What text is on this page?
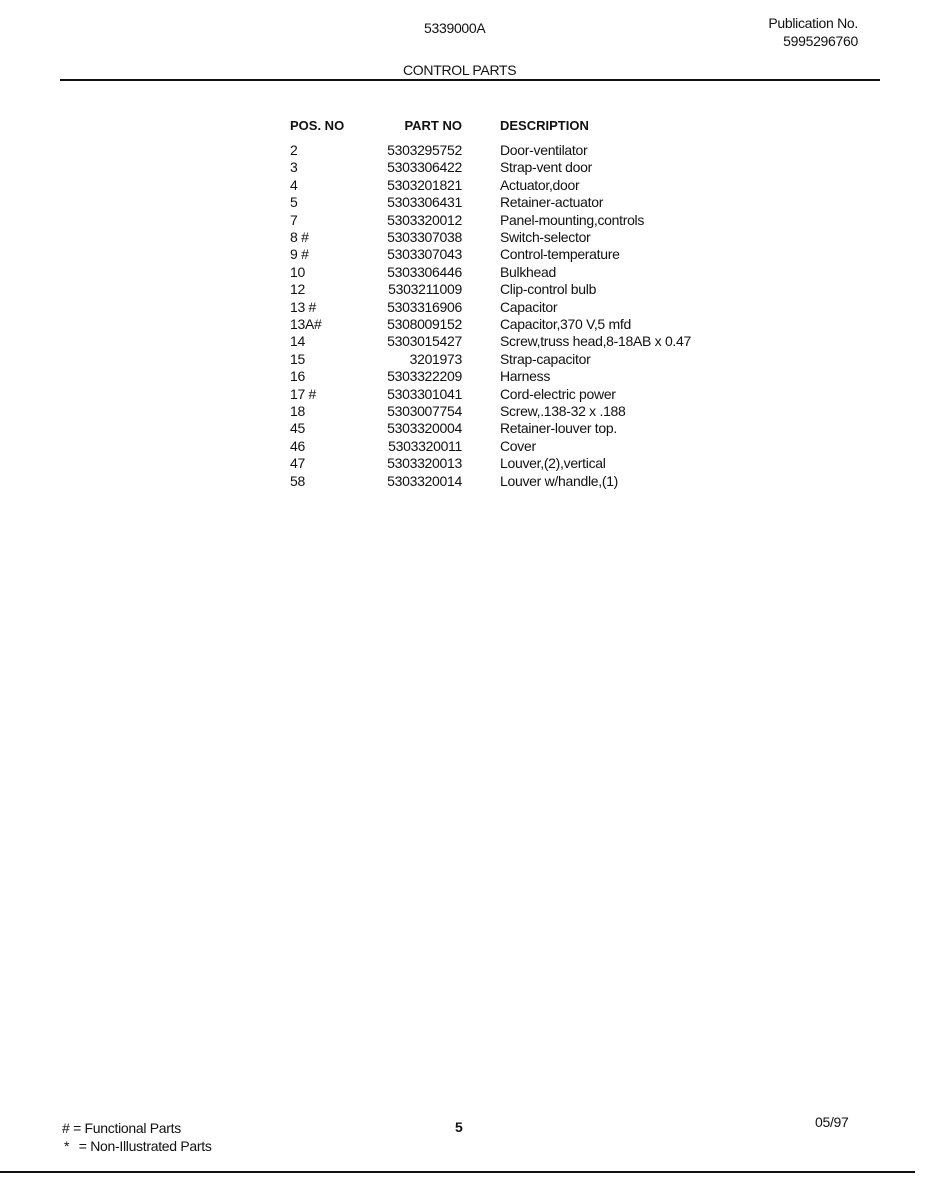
5339000A	Publication No.
5995296760
CONTROL PARTS
POS. NO	PART NO	DESCRIPTION
2	5303295752	Door-ventilator
3	5303306422	Strap-vent door
4	5303201821	Actuator,door
5	5303306431	Retainer-actuator
7	5303320012	Panel-mounting,controls
8 #	5303307038	Switch-selector
9 #	5303307043	Control-temperature
10	5303306446	Bulkhead
12	5303211009	Clip-control bulb
13 #	5303316906	Capacitor
13A#	5308009152	Capacitor,370 V,5 mfd
14	5303015427	Screw,truss head,8-18AB x 0.47
15	3201973	Strap-capacitor
16	5303322209	Harness
17 #	5303301041	Cord-electric power
18	5303007754	Screw,.138-32 x .188
45	5303320004	Retainer-louver top.
46	5303320011	Cover
47	5303320013	Louver,(2),vertical
58	5303320014	Louver w/handle,(1)
# = Functional Parts
* = Non-Illustrated Parts
5	05/97
